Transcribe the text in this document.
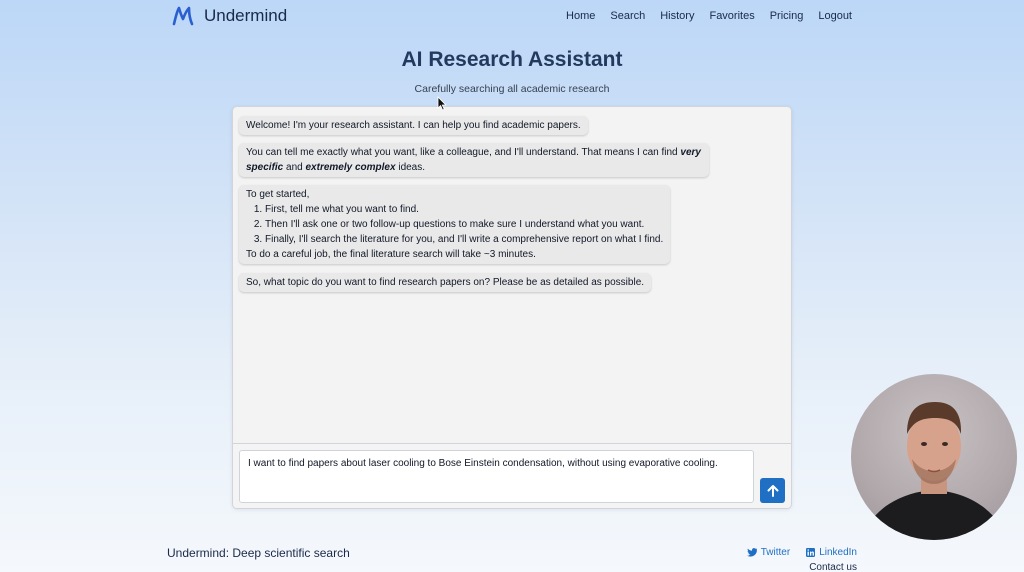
Undermind	Home Search History Favorites Pricing Logout
AI Research Assistant
Carefully searching all academic research
Welcome! I'm your research assistant. I can help you find academic papers.
You can tell me exactly what you want, like a colleague, and I'll understand. That means I can find very specific and extremely complex ideas.
To get started,
1. First, tell me what you want to find.
2. Then I'll ask one or two follow-up questions to make sure I understand what you want.
3. Finally, I'll search the literature for you, and I'll write a comprehensive report on what I find.
To do a careful job, the final literature search will take ~3 minutes.
So, what topic do you want to find research papers on? Please be as detailed as possible.
I want to find papers about laser cooling to Bose Einstein condensation, without using evaporative cooling.
Undermind: Deep scientific search	Twitter	LinkedIn
Contact us
